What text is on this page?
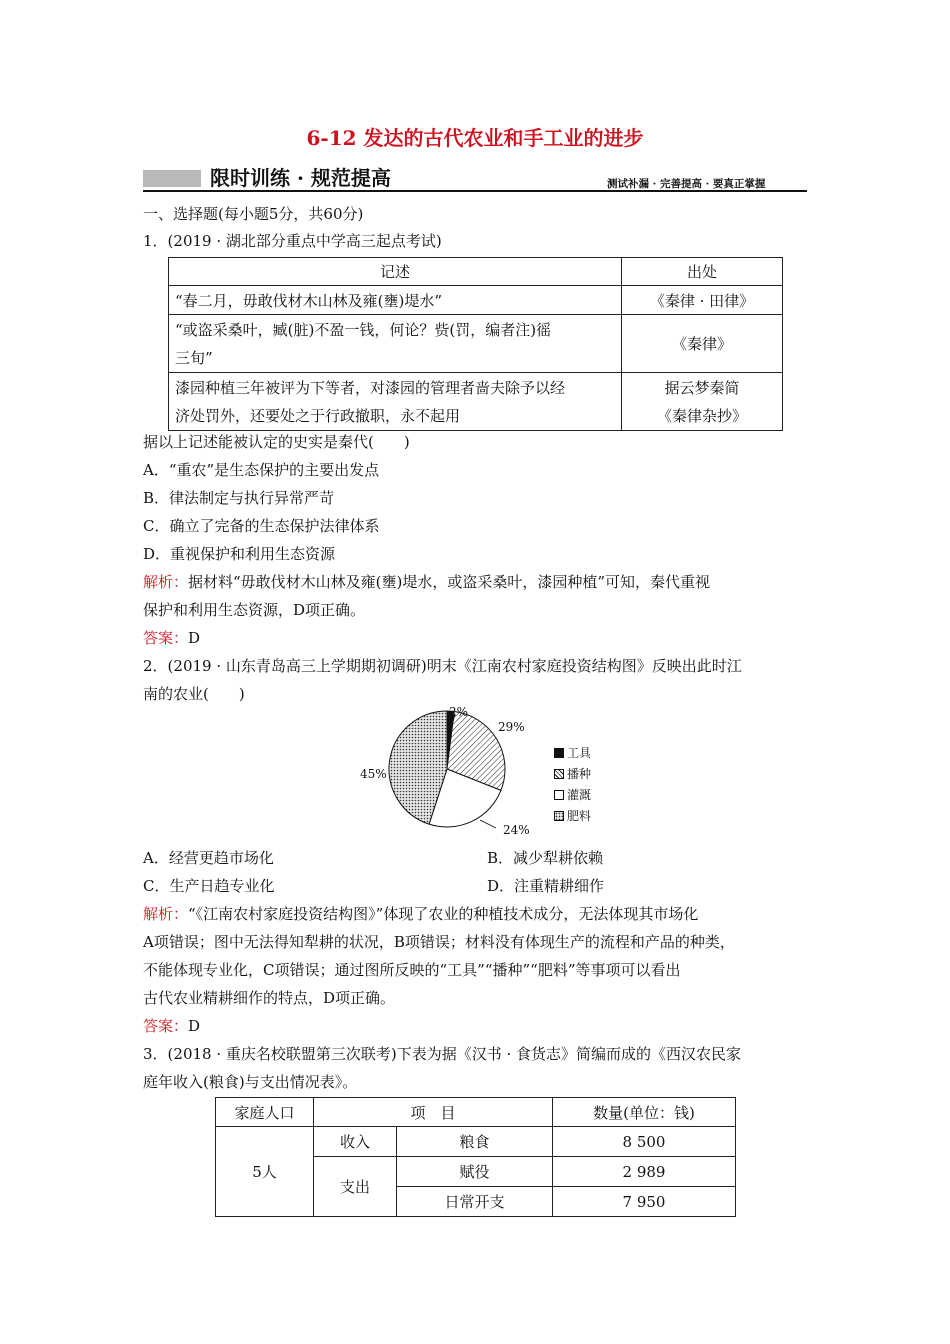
6-12 发达的古代农业和手工业的进步
限时训练 · 规范提高	测试补漏 · 完善提高 · 要真正掌握
一、选择题(每小题5分，共60分)
1．(2019 · 湖北部分重点中学高三起点考试)
记述	出处
“春二月，毋敢伐材木山林及雍(壅)堤水”	《秦律 · 田律》
“或盗采桑叶，臧(脏)不盈一钱，何论？赀(罚，编者注)徭
三旬”	《秦律》
漆园种植三年被评为下等者，对漆园的管理者啬夫除予以经
济处罚外，还要处之于行政撤职，永不起用	据云梦秦简
《秦律杂抄》
据以上记述能被认定的史实是秦代(　　)
A．“重农”是生态保护的主要出发点
B．律法制定与执行异常严苛
C．确立了完备的生态保护法律体系
D．重视保护和利用生态资源
解析：据材料“毋敢伐材木山林及雍(壅)堤水，或盗采桑叶，漆园种植”可知，秦代重视
保护和利用生态资源，D项正确。
答案：D
2．(2019 · 山东青岛高三上学期期初调研)明末《江南农村家庭投资结构图》反映出此时江
南的农业(　　)
2%
29%
24%
45%
工具
播种
灌溉
肥料
A．经营更趋市场化	B．减少犁耕依赖
C．生产日趋专业化	D．注重精耕细作
解析：“《江南农村家庭投资结构图》”体现了农业的种植技术成分，无法体现其市场化
A项错误；图中无法得知犁耕的状况，B项错误；材料没有体现生产的流程和产品的种类，
不能体现专业化，C项错误；通过图所反映的“工具”“播种”“肥料”等事项可以看出
古代农业精耕细作的特点，D项正确。
答案：D
3．(2018 · 重庆名校联盟第三次联考)下表为据《汉书 · 食货志》简编而成的《西汉农民家
庭年收入(粮食)与支出情况表》。
家庭人口	项　目		数量(单位：钱)
5人	收入	粮食	8 500
	支出	赋役	2 989
		日常开支	7 950
